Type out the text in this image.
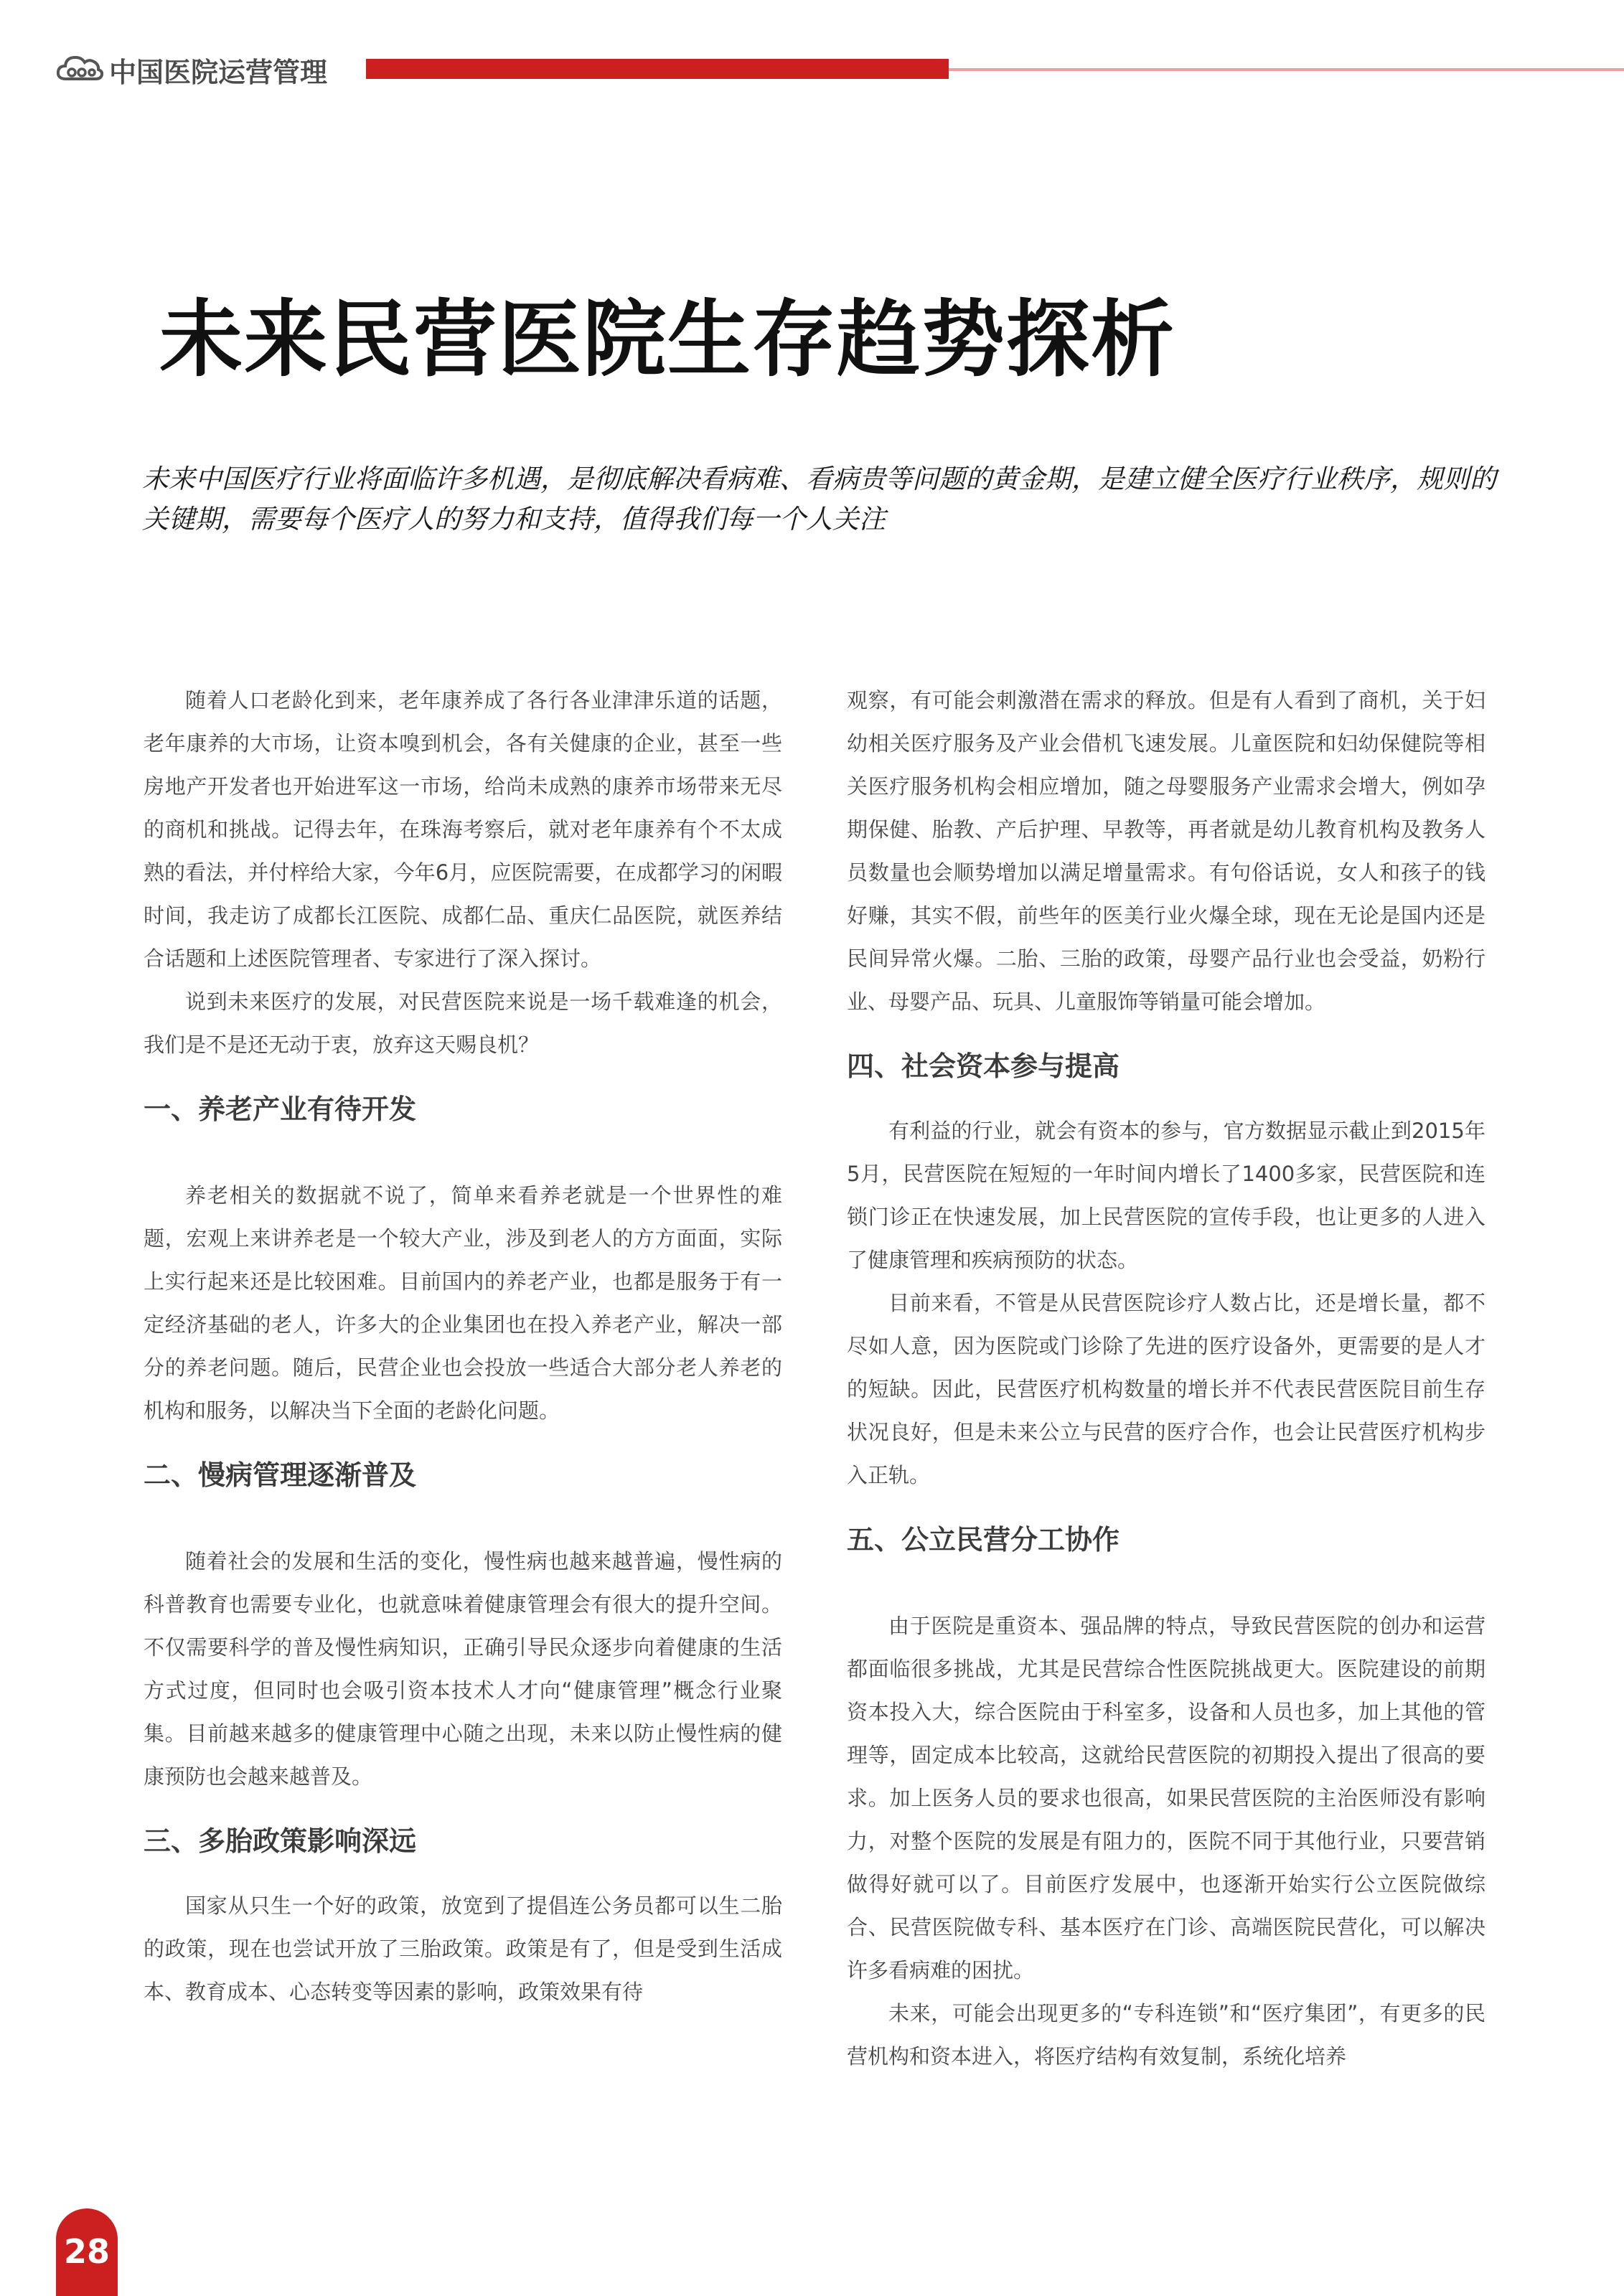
中国医院运营管理
未来民营医院生存趋势探析
未来中国医疗行业将面临许多机遇，是彻底解决看病难、看病贵等问题的黄金期，是建立健全医疗行业秩序，规则的关键期，需要每个医疗人的努力和支持，值得我们每一个人关注

随着人口老龄化到来，老年康养成了各行各业津津乐道的话题，老年康养的大市场，让资本嗅到机会，各有关健康的企业，甚至一些房地产开发者也开始进军这一市场，给尚未成熟的康养市场带来无尽的商机和挑战。记得去年，在珠海考察后，就对老年康养有个不太成熟的看法，并付梓给大家，今年6月，应医院需要，在成都学习的闲暇时间，我走访了成都长江医院、成都仁品、重庆仁品医院，就医养结合话题和上述医院管理者、专家进行了深入探讨。

说到未来医疗的发展，对民营医院来说是一场千载难逢的机会，我们是不是还无动于衷，放弃这天赐良机？

一、养老产业有待开发

养老相关的数据就不说了，简单来看养老就是一个世界性的难题，宏观上来讲养老是一个较大产业，涉及到老人的方方面面，实际上实行起来还是比较困难。目前国内的养老产业，也都是服务于有一定经济基础的老人，许多大的企业集团也在投入养老产业，解决一部分的养老问题。随后，民营企业也会投放一些适合大部分老人养老的机构和服务，以解决当下全面的老龄化问题。

二、慢病管理逐渐普及

随着社会的发展和生活的变化，慢性病也越来越普遍，慢性病的科普教育也需要专业化，也就意味着健康管理会有很大的提升空间。不仅需要科学的普及慢性病知识，正确引导民众逐步向着健康的生活方式过度，但同时也会吸引资本技术人才向“健康管理”概念行业聚集。目前越来越多的健康管理中心随之出现，未来以防止慢性病的健康预防也会越来越普及。

三、多胎政策影响深远

国家从只生一个好的政策，放宽到了提倡连公务员都可以生二胎的政策，现在也尝试开放了三胎政策。政策是有了，但是受到生活成本、教育成本、心态转变等因素的影响，政策效果有待

观察，有可能会刺激潜在需求的释放。但是有人看到了商机，关于妇幼相关医疗服务及产业会借机飞速发展。儿童医院和妇幼保健院等相关医疗服务机构会相应增加，随之母婴服务产业需求会增大，例如孕期保健、胎教、产后护理、早教等，再者就是幼儿教育机构及教务人员数量也会顺势增加以满足增量需求。有句俗话说，女人和孩子的钱好赚，其实不假，前些年的医美行业火爆全球，现在无论是国内还是民间异常火爆。二胎、三胎的政策，母婴产品行业也会受益，奶粉行业、母婴产品、玩具、儿童服饰等销量可能会增加。

四、社会资本参与提高

有利益的行业，就会有资本的参与，官方数据显示截止到2015年5月，民营医院在短短的一年时间内增长了1400多家，民营医院和连锁门诊正在快速发展，加上民营医院的宣传手段，也让更多的人进入了健康管理和疾病预防的状态。

目前来看，不管是从民营医院诊疗人数占比，还是增长量，都不尽如人意，因为医院或门诊除了先进的医疗设备外，更需要的是人才的短缺。因此，民营医疗机构数量的增长并不代表民营医院目前生存状况良好，但是未来公立与民营的医疗合作，也会让民营医疗机构步入正轨。

五、公立民营分工协作

由于医院是重资本、强品牌的特点，导致民营医院的创办和运营都面临很多挑战，尤其是民营综合性医院挑战更大。医院建设的前期资本投入大，综合医院由于科室多，设备和人员也多，加上其他的管理等，固定成本比较高，这就给民营医院的初期投入提出了很高的要求。加上医务人员的要求也很高，如果民营医院的主治医师没有影响力，对整个医院的发展是有阻力的，医院不同于其他行业，只要营销做得好就可以了。目前医疗发展中，也逐渐开始实行公立医院做综合、民营医院做专科、基本医疗在门诊、高端医院民营化，可以解决许多看病难的困扰。

未来，可能会出现更多的“专科连锁”和“医疗集团”，有更多的民营机构和资本进入，将医疗结构有效复制，系统化培养

28
